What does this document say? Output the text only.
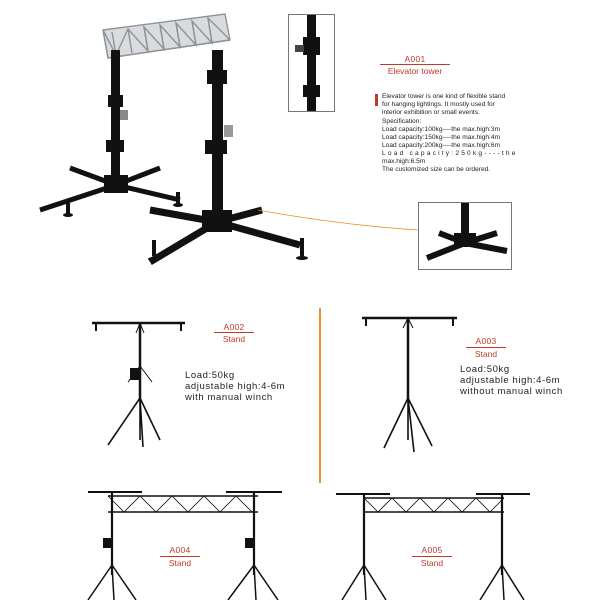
A001
Elevator tower
Elevator tower is one kind of flexible stand
for hanging lightings. It mostly used for
interior exhibition or small events.
Specification:
Load capacity:100kg----the max.high:3m
Load capacity:150kg----the max.high:4m
Load capacity:200kg----the max.high:6m
Load capacity:250kg----the
max.high:6.5m
The customized size can be ordered.
A002
Stand
Load:50kg
adjustable high:4-6m
with manual winch
A003
Stand
Load:50kg
adjustable high:4-6m
without manual winch
A004
Stand
A005
Stand
